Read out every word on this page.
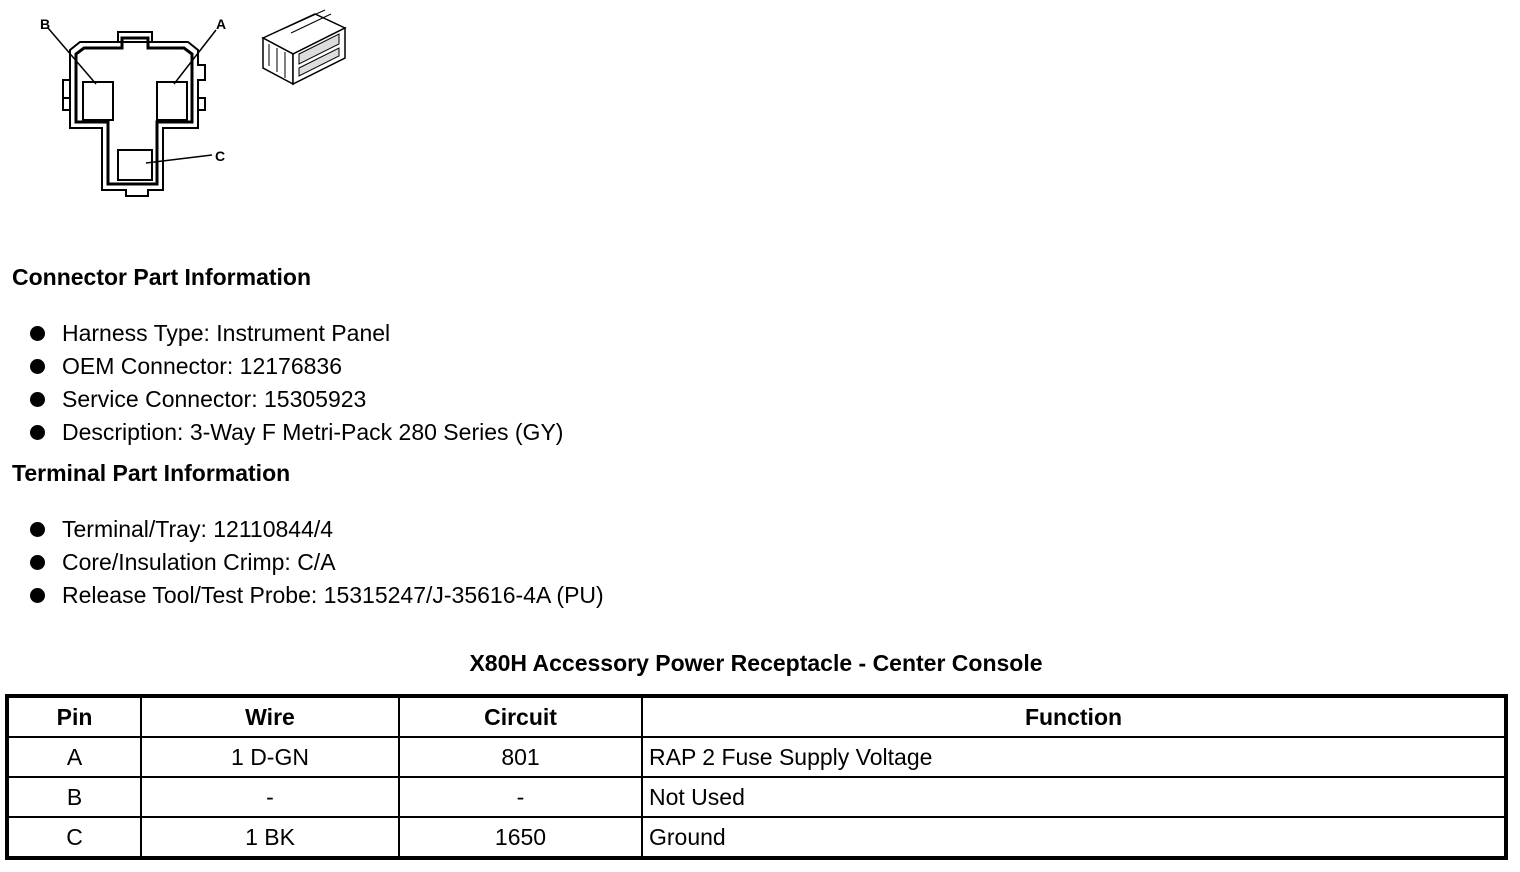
B	A
C
Connector Part Information
Harness Type: Instrument Panel
OEM Connector: 12176836
Service Connector: 15305923
Description: 3-Way F Metri-Pack 280 Series (GY)
Terminal Part Information
Terminal/Tray: 12110844/4
Core/Insulation Crimp: C/A
Release Tool/Test Probe: 15315247/J-35616-4A (PU)
X80H Accessory Power Receptacle - Center Console
Pin	Wire	Circuit	Function
A	1 D-GN	801	RAP 2 Fuse Supply Voltage
B	-	-	Not Used
C	1 BK	1650	Ground
